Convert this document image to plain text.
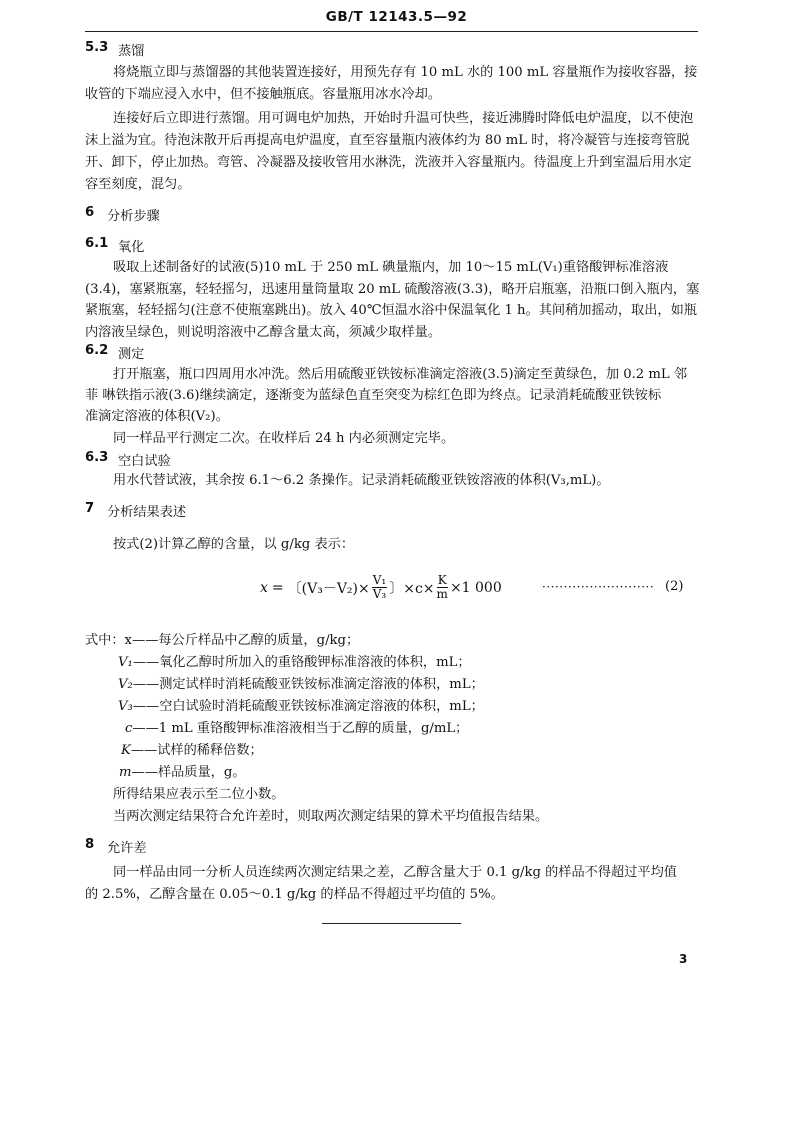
GB/T 12143.5—92
5.3 蒸馏
将烧瓶立即与蒸馏器的其他装置连接好，用预先存有 10 mL 水的 100 mL 容量瓶作为接收容器，接
收管的下端应浸入水中，但不接触瓶底。容量瓶用冰水冷却。
连接好后立即进行蒸馏。用可调电炉加热，开始时升温可快些，接近沸腾时降低电炉温度，以不使泡
沫上溢为宜。待泡沫散开后再提高电炉温度，直至容量瓶内液体约为 80 mL 时，将冷凝管与连接弯管脱
开、卸下，停止加热。弯管、冷凝器及接收管用水淋洗，洗液并入容量瓶内。待温度上升到室温后用水定
容至刻度，混匀。
6 分析步骤
6.1 氧化
吸取上述制备好的试液(5)10 mL 于 250 mL 碘量瓶内，加 10～15 mL(V₁)重铬酸钾标准溶液
(3.4)，塞紧瓶塞，轻轻摇匀，迅速用量筒量取 20 mL 硫酸溶液(3.3)，略开启瓶塞，沿瓶口倒入瓶内，塞
紧瓶塞，轻轻摇匀(注意不使瓶塞跳出)。放入 40℃恒温水浴中保温氧化 1 h。其间稍加摇动，取出，如瓶
内溶液呈绿色，则说明溶液中乙醇含量太高，须减少取样量。
6.2 测定
打开瓶塞，瓶口四周用水冲洗。然后用硫酸亚铁铵标准滴定溶液(3.5)滴定至黄绿色，加 0.2 mL 邻
菲 啉铁指示液(3.6)继续滴定，逐渐变为蓝绿色直至突变为棕红色即为终点。记录消耗硫酸亚铁铵标
准滴定溶液的体积(V₂)。
同一样品平行测定二次。在收样后 24 h 内必须测定完毕。
6.3 空白试验
用水代替试液，其余按 6.1～6.2 条操作。记录消耗硫酸亚铁铵溶液的体积(V₃,mL)。
7 分析结果表述
按式(2)计算乙醇的含量，以 g/kg 表示：
x = 〔$(V_3-V_2)\times \frac{\text{V₁}}{\text{V₃}}$ 〕$\times c\times \frac{K}{m} \times 1$ 000	·························· (2)
式中：x——每公斤样品中乙醇的质量，g/kg；
V₁——氧化乙醇时所加入的重铬酸钾标准溶液的体积，mL；
V₂——测定试样时消耗硫酸亚铁铵标准滴定溶液的体积，mL；
V₃——空白试验时消耗硫酸亚铁铵标准滴定溶液的体积，mL；
c——1 mL 重铬酸钾标准溶液相当于乙醇的质量，g/mL；
K——试样的稀释倍数；
m——样品质量，g。
所得结果应表示至二位小数。
当两次测定结果符合允许差时，则取两次测定结果的算术平均值报告结果。
8 允许差
同一样品由同一分析人员连续两次测定结果之差，乙醇含量大于 0.1 g/kg 的样品不得超过平均值
的 2.5%，乙醇含量在 0.05～0.1 g/kg 的样品不得超过平均值的 5%。
3
